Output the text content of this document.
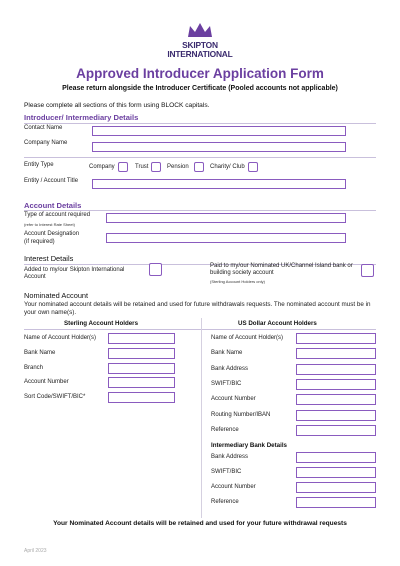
SKIPTON
INTERNATIONAL
Approved Introducer Application Form
Please return alongside the Introducer Certificate (Pooled accounts not applicable)
Please complete all sections of this form using BLOCK capitals.
Introducer/ Intermediary Details
Contact Name
Company Name
Entity Type	Company	Trust	Pension	Charity/ Club
Entity / Account Title
Account Details
Type of account required
(refer to Interest Rate Sheet)
Account Designation
(if required)
Interest Details
Added to my/our Skipton International Account
Paid to my/our Nominated UK/Channel Island bank or building society account
(Sterling Account Holders only)
Nominated Account
Your nominated account details will be retained and used for future withdrawals requests. The nominated account must be in your own name(s).
Sterling Account Holders	US Dollar Account Holders
Name of Account Holder(s)
Bank Name
Branch
Account Number
Sort Code/SWIFT/BIC*
Name of Account Holder(s)
Bank Name
Bank Address
SWIFT/BIC
Account Number
Routing Number/IBAN
Reference
Intermediary Bank Details
Bank Address
SWIFT/BIC
Account Number
Reference
Your Nominated Account details will be retained and used for your future withdrawal requests
April 2023
